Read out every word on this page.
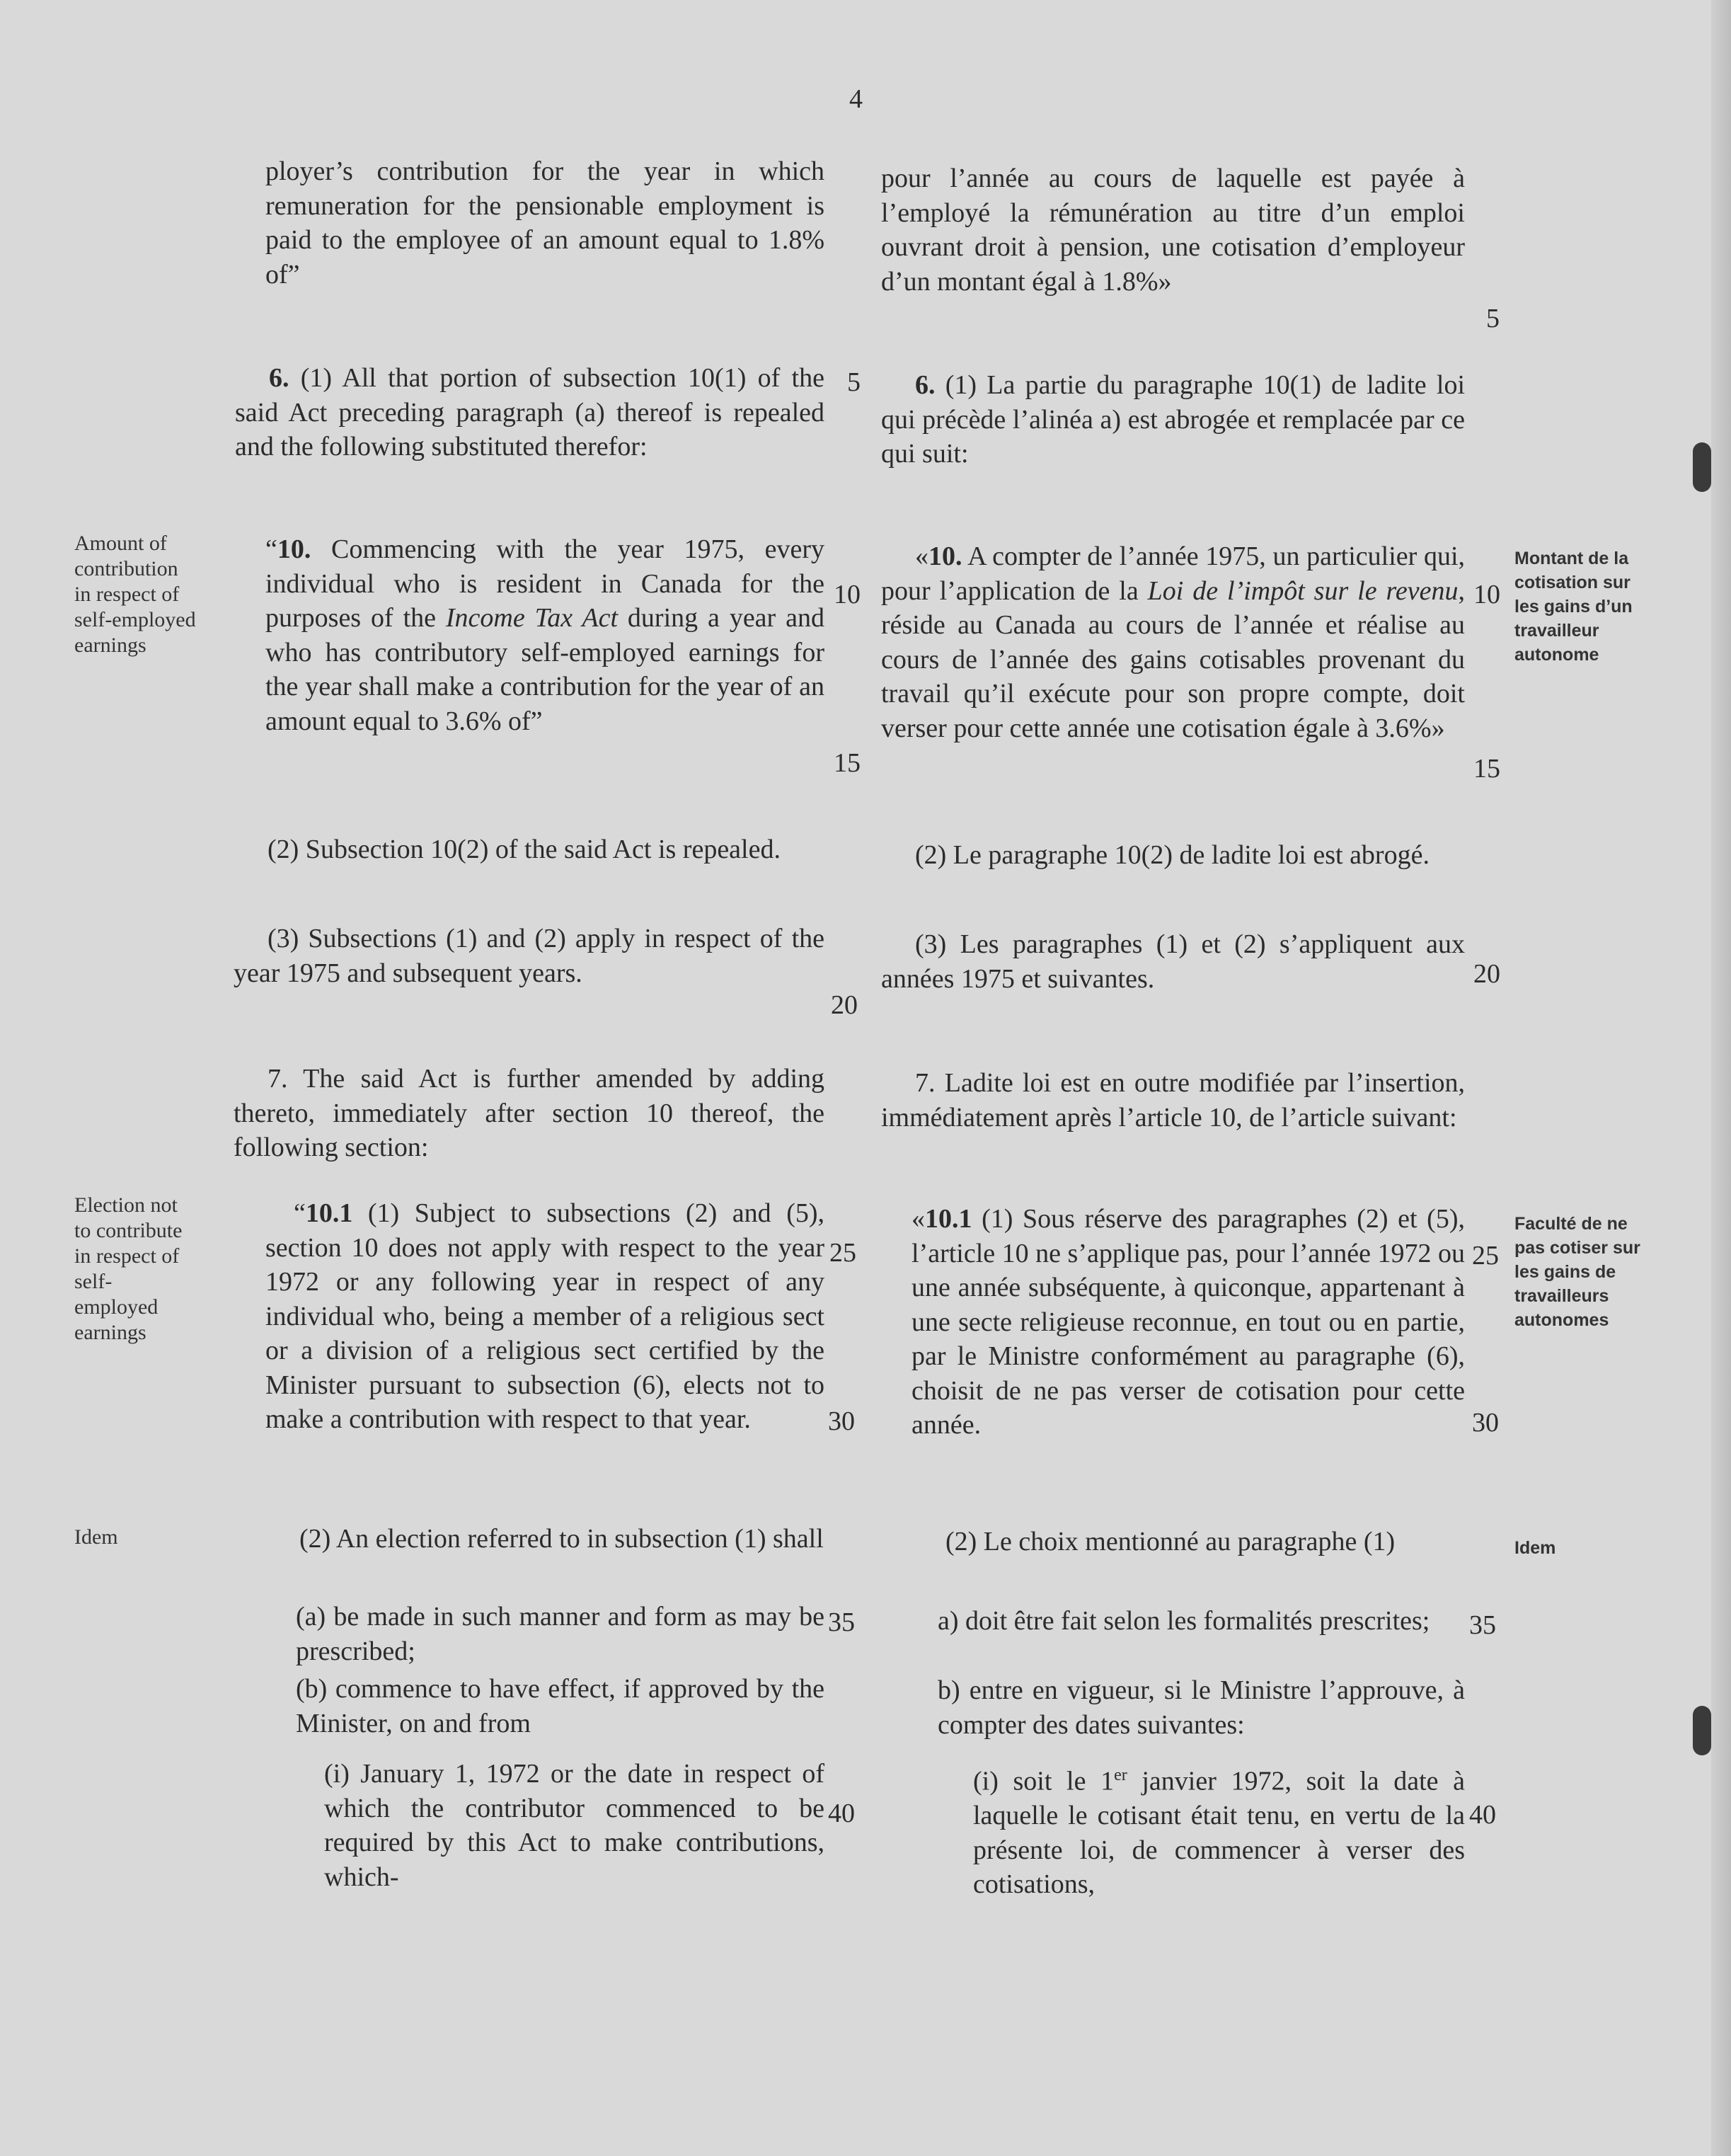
4

ployer’s contribution for the year in which remuneration for the pensionable employment is paid to the employee of an amount equal to 1.8% of”

6. (1) All that portion of subsection 10(1) of the said Act preceding paragraph (a) thereof is repealed and the following substituted therefor:

“10. Commencing with the year 1975, every individual who is resident in Canada for the purposes of the Income Tax Act during a year and who has contributory self-employed earnings for the year shall make a contribution for the year of an amount equal to 3.6% of”

(2) Subsection 10(2) of the said Act is repealed.

(3) Subsections (1) and (2) apply in respect of the year 1975 and subsequent years.

7. The said Act is further amended by adding thereto, immediately after section 10 thereof, the following section:

“10.1 (1) Subject to subsections (2) and (5), section 10 does not apply with respect to the year 1972 or any following year in respect of any individual who, being a member of a religious sect or a division of a religious sect certified by the Minister pursuant to subsection (6), elects not to make a contribution with respect to that year.

(2) An election referred to in subsection (1) shall

(a) be made in such manner and form as may be prescribed;

(b) commence to have effect, if approved by the Minister, on and from

(i) January 1, 1972 or the date in respect of which the contributor commenced to be required by this Act to make contributions, which-

5
10
15
20
25
30
35
40

pour l’année au cours de laquelle est payée à l’employé la rémunération au titre d’un emploi ouvrant droit à pension, une cotisation d’employeur d’un montant égal à 1.8%»

6. (1) La partie du paragraphe 10(1) de ladite loi qui précède l’alinéa a) est abrogée et remplacée par ce qui suit:

«10. A compter de l’année 1975, un particulier qui, pour l’application de la Loi de l’impôt sur le revenu, réside au Canada au cours de l’année et réalise au cours de l’année des gains cotisables provenant du travail qu’il exécute pour son propre compte, doit verser pour cette année une cotisation égale à 3.6%»

(2) Le paragraphe 10(2) de ladite loi est abrogé.

(3) Les paragraphes (1) et (2) s’appliquent aux années 1975 et suivantes.

7. Ladite loi est en outre modifiée par l’insertion, immédiatement après l’article 10, de l’article suivant:

«10.1 (1) Sous réserve des paragraphes (2) et (5), l’article 10 ne s’applique pas, pour l’année 1972 ou une année subséquente, à quiconque, appartenant à une secte religieuse reconnue, en tout ou en partie, par le Ministre conformément au paragraphe (6), choisit de ne pas verser de cotisation pour cette année.

(2) Le choix mentionné au paragraphe (1)

a) doit être fait selon les formalités prescrites;

b) entre en vigueur, si le Ministre l’approuve, à compter des dates suivantes:

(i) soit le 1er janvier 1972, soit la date à laquelle le cotisant était tenu, en vertu de la présente loi, de commencer à verser des cotisations,

5
10
15
20
25
30
35
40
Amount of contribution in respect of self-employed earnings
Election not to contribute in respect of self-employed earnings
Idem
Montant de la cotisation sur les gains d’un travailleur autonome
Faculté de ne pas cotiser sur les gains de travailleurs autonomes
Idem
